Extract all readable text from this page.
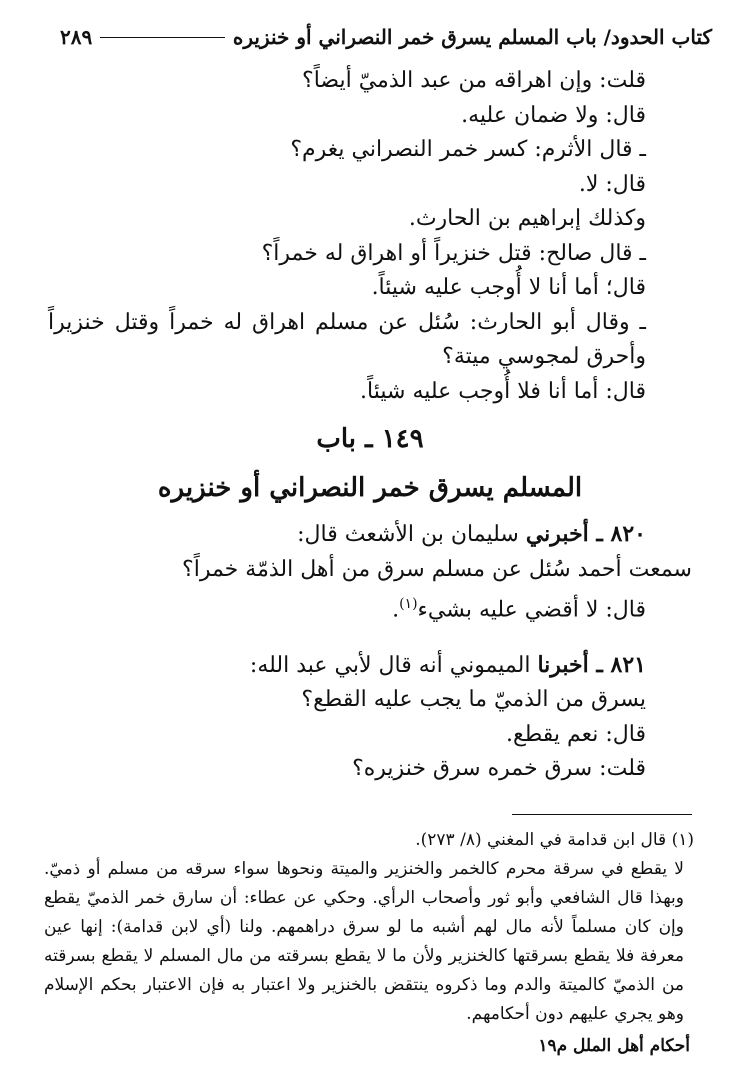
كتاب الحدود/ باب المسلم يسرق خمر النصراني أو خنزيره
٢٨٩
قلت: وإن اهراقه من عبد الذميّ أيضاً؟
قال: ولا ضمان عليه.
ـ قال الأثرم: كسر خمر النصراني يغرم؟
قال: لا.
وكذلك إبراهيم بن الحارث.
ـ قال صالح: قتل خنزيراً أو اهراق له خمراً؟
قال؛ أما أنا لا أُوجب عليه شيئاً.
ـ وقال أبو الحارث: سُئل عن مسلم اهراق له خمراً وقتل خنزيراً وأحرق لمجوسي ميتة؟
قال: أما أنا فلا أُوجب عليه شيئاً.
١٤٩ ـ باب
المسلم يسرق خمر النصراني أو خنزيره
٨٢٠ ـ أخبرني سليمان بن الأشعث قال:
سمعت أحمد سُئل عن مسلم سرق من أهل الذمّة خمراً؟
قال: لا أقضي عليه بشيء$^{(١)}$.
٨٢١ ـ أخبرنا الميموني أنه قال لأبي عبد الله:
يسرق من الذميّ ما يجب عليه القطع؟
قال: نعم يقطع.
قلت: سرق خمره سرق خنزيره؟
(١) قال ابن قدامة في المغني (٨/ ٢٧٣).
لا يقطع في سرقة محرم كالخمر والخنزير والميتة ونحوها سواء سرقه من مسلم أو ذميّ. وبهذا قال الشافعي وأبو ثور وأصحاب الرأي. وحكي عن عطاء: أن سارق خمر الذميّ يقطع وإن كان مسلماً لأنه مال لهم أشبه ما لو سرق دراهمهم. ولنا (أي لابن قدامة): إنها عين معرفة فلا يقطع بسرقتها كالخنزير ولأن ما لا يقطع بسرقته من مال المسلم لا يقطع بسرقته من الذميّ كالميتة والدم وما ذكروه ينتقض بالخنزير ولا اعتبار به فإن الاعتبار بحكم الإسلام وهو يجري عليهم دون أحكامهم.
أحكام أهل الملل م١٩
